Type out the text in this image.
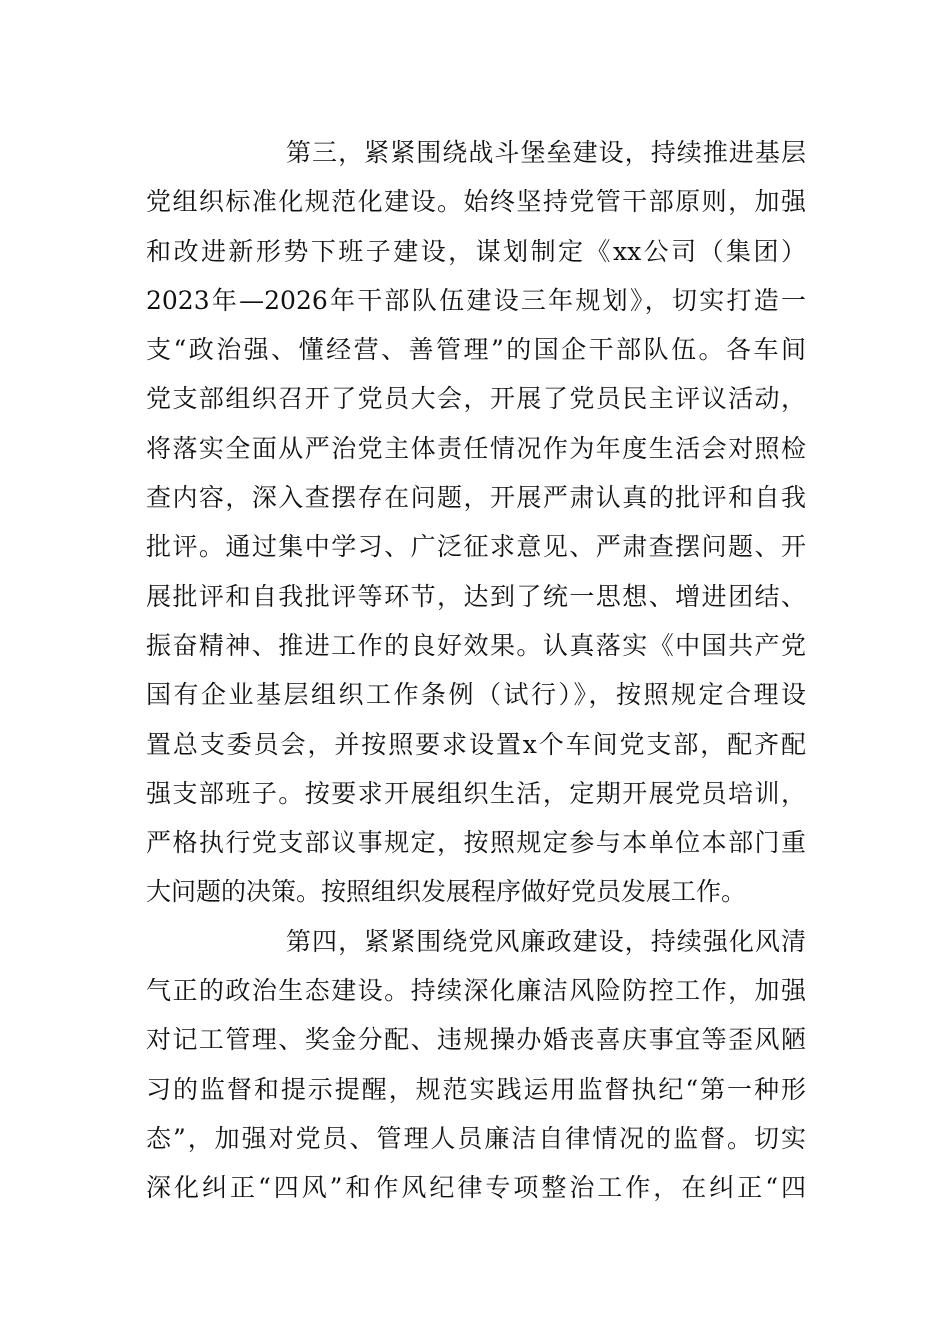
第三，紧紧围绕战斗堡垒建设，持续推进基层
党组织标准化规范化建设。始终坚持党管干部原则，加强
和改进新形势下班子建设，谋划制定《xx公司（集团）
2023年—2026年干部队伍建设三年规划》，切实打造一
支“政治强、懂经营、善管理”的国企干部队伍。各车间
党支部组织召开了党员大会，开展了党员民主评议活动，
将落实全面从严治党主体责任情况作为年度生活会对照检
查内容，深入查摆存在问题，开展严肃认真的批评和自我
批评。通过集中学习、广泛征求意见、严肃查摆问题、开
展批评和自我批评等环节，达到了统一思想、增进团结、
振奋精神、推进工作的良好效果。认真落实《中国共产党
国有企业基层组织工作条例（试行）》，按照规定合理设
置总支委员会，并按照要求设置x个车间党支部，配齐配
强支部班子。按要求开展组织生活，定期开展党员培训，
严格执行党支部议事规定，按照规定参与本单位本部门重
大问题的决策。按照组织发展程序做好党员发展工作。
第四，紧紧围绕党风廉政建设，持续强化风清
气正的政治生态建设。持续深化廉洁风险防控工作，加强
对记工管理、奖金分配、违规操办婚丧喜庆事宜等歪风陋
习的监督和提示提醒，规范实践运用监督执纪“第一种形
态”，加强对党员、管理人员廉洁自律情况的监督。切实
深化纠正“四风”和作风纪律专项整治工作，在纠正“四
